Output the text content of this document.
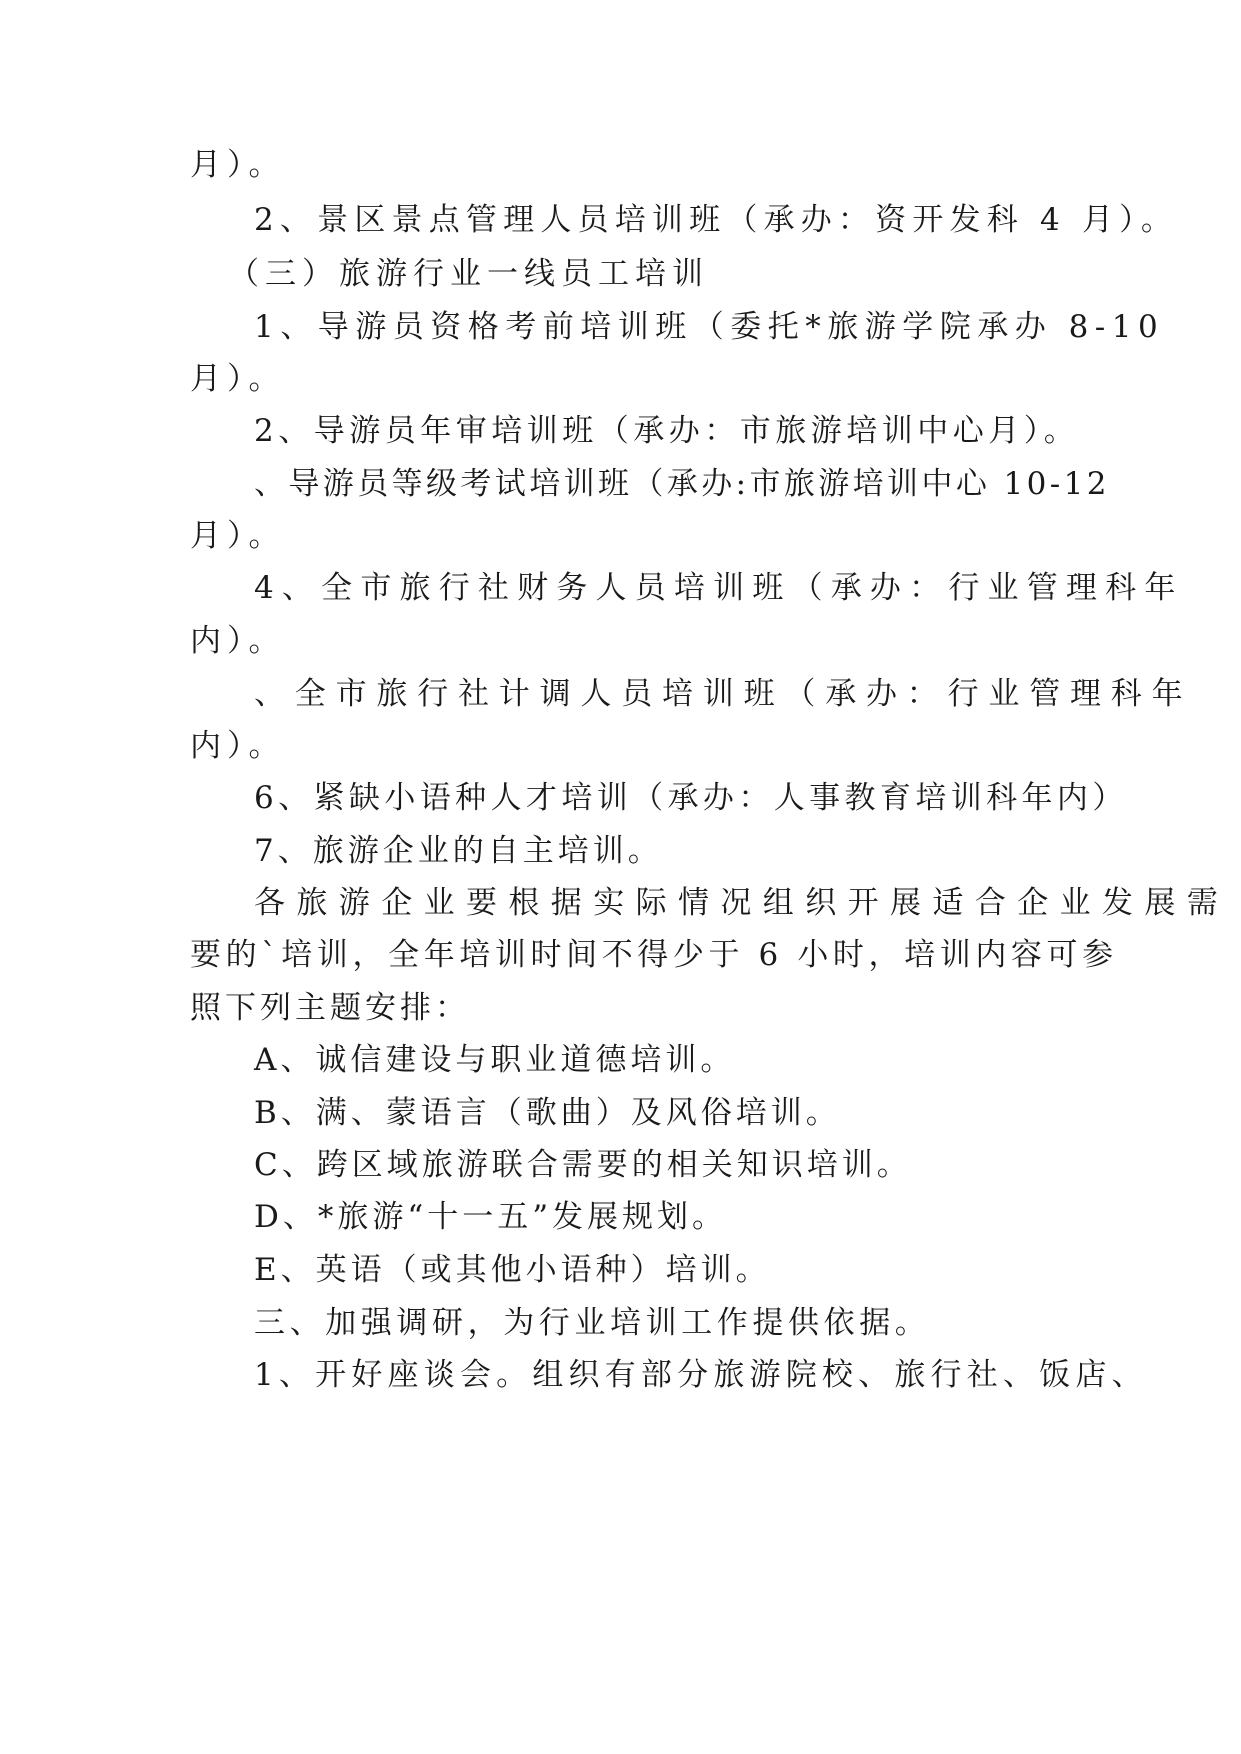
月）。

2、景区景点管理人员培训班（承办：资开发科 4 月）。

（三）旅游行业一线员工培训

1、导游员资格考前培训班（委托*旅游学院承办 8-10

月）。

2、导游员年审培训班（承办：市旅游培训中心月）。

、导游员等级考试培训班（承办:市旅游培训中心 10-12

月）。

4、全市旅行社财务人员培训班（承办：行业管理科年

内）。

、全市旅行社计调人员培训班（承办：行业管理科年

内）。

6、紧缺小语种人才培训（承办：人事教育培训科年内）

7、旅游企业的自主培训。

各旅游企业要根据实际情况组织开展适合企业发展需

要的`培训，全年培训时间不得少于 6 小时，培训内容可参

照下列主题安排：

A、诚信建设与职业道德培训。

B、满、蒙语言（歌曲）及风俗培训。

C、跨区域旅游联合需要的相关知识培训。

D、*旅游“十一五”发展规划。

E、英语（或其他小语种）培训。

三、加强调研，为行业培训工作提供依据。

1、开好座谈会。组织有部分旅游院校、旅行社、饭店、
